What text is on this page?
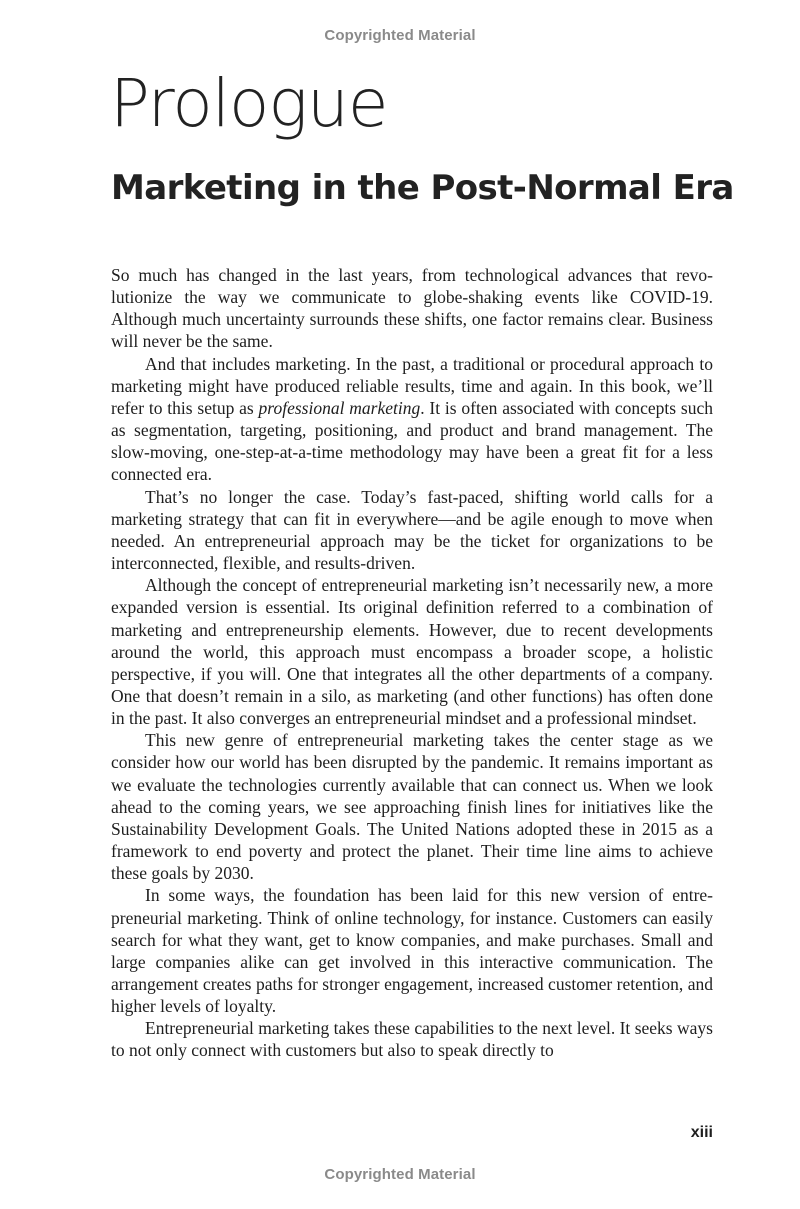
Copyrighted Material
Prologue
Marketing in the Post-Normal Era

So much has changed in the last years, from technological advances that revolutionize the way we communicate to globe-shaking events like COVID-19. Although much uncertainty surrounds these shifts, one factor remains clear. Business will never be the same.

And that includes marketing. In the past, a traditional or procedural approach to marketing might have produced reliable results, time and again. In this book, we’ll refer to this setup as professional marketing. It is often associated with concepts such as segmentation, targeting, positioning, and product and brand management. The slow-moving, one-step-at-a-time methodology may have been a great fit for a less connected era.

That’s no longer the case. Today’s fast-paced, shifting world calls for a marketing strategy that can fit in everywhere—and be agile enough to move when needed. An entrepreneurial approach may be the ticket for organizations to be interconnected, flexible, and results-driven.

Although the concept of entrepreneurial marketing isn’t necessarily new, a more expanded version is essential. Its original definition referred to a combination of marketing and entrepreneurship elements. However, due to recent developments around the world, this approach must encompass a broader scope, a holistic perspective, if you will. One that integrates all the other departments of a company. One that doesn’t remain in a silo, as marketing (and other functions) has often done in the past. It also converges an entrepreneurial mindset and a professional mindset.

This new genre of entrepreneurial marketing takes the center stage as we consider how our world has been disrupted by the pandemic. It remains important as we evaluate the technologies currently available that can connect us. When we look ahead to the coming years, we see approaching finish lines for initiatives like the Sustainability Development Goals. The United Nations adopted these in 2015 as a framework to end poverty and protect the planet. Their time line aims to achieve these goals by 2030.

In some ways, the foundation has been laid for this new version of entrepreneurial marketing. Think of online technology, for instance. Customers can easily search for what they want, get to know companies, and make purchases. Small and large companies alike can get involved in this interactive communication. The arrangement creates paths for stronger engagement, increased customer retention, and higher levels of loyalty.

Entrepreneurial marketing takes these capabilities to the next level. It seeks ways to not only connect with customers but also to speak directly to

xiii
Copyrighted Material
